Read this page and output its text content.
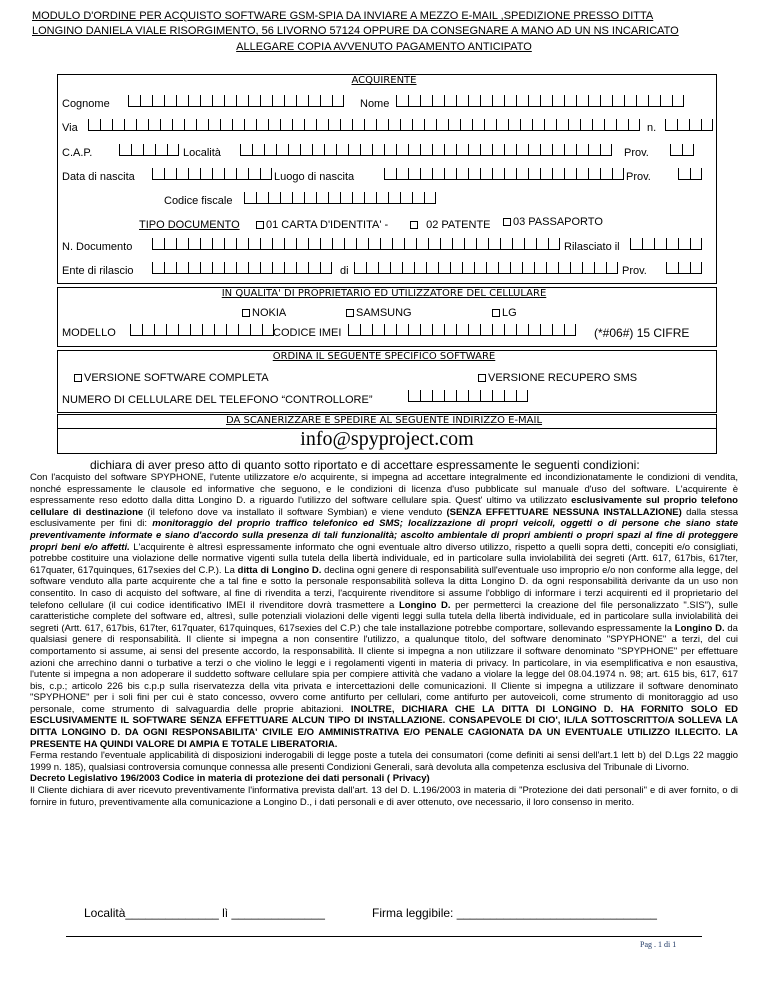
MODULO D'ORDINE PER ACQUISTO SOFTWARE GSM-SPIA DA INVIARE A MEZZO E-MAIL ,SPEDIZIONE PRESSO DITTA
LONGINO DANIELA VIALE RISORGIMENTO, 56 LIVORNO 57124 OPPURE DA CONSEGNARE A MANO AD UN NS INCARICATO
ALLEGARE COPIA AVVENUTO PAGAMENTO ANTICIPATO
ACQUIRENTE
Cognome	Nome
Via	n.
C.A.P.	Località	Prov.
Data di nascita	Luogo di nascita	Prov.
Codice fiscale
TIPO DOCUMENTO	01 CARTA D'IDENTITA' -	02 PATENTE	03 PASSAPORTO
N. Documento	Rilasciato il
Ente di rilascio	di	Prov.
IN QUALITA' DI PROPRIETARIO ED UTILIZZATORE DEL CELLULARE
NOKIA	SAMSUNG	LG
MODELLO	CODICE IMEI	(*#06#) 15 CIFRE
ORDINA IL SEGUENTE SPECIFICO SOFTWARE
VERSIONE SOFTWARE COMPLETA	VERSIONE RECUPERO SMS
NUMERO DI CELLULARE DEL TELEFONO “CONTROLLORE”
DA SCANERIZZARE E SPEDIRE AL SEGUENTE INDIRIZZO E-MAIL
info@spyproject.com
dichiara di aver preso atto di quanto sotto riportato e di accettare espressamente le seguenti condizioni:
Con l'acquisto del software SPYPHONE, l'utente utilizzatore e/o acquirente, si impegna ad accettare integralmente ed incondizionatamente le condizioni di vendita, nonché espressamente le clausole ed informative che seguono, e le condizioni di licenza d'uso pubblicate sul manuale d'uso del software. L'acquirente è espressamente reso edotto dalla ditta Longino D. a riguardo l'utilizzo del software cellulare spia. Quest' ultimo va utilizzato esclusivamente sul proprio telefono cellulare di destinazione (il telefono dove va installato il software Symbian) e viene venduto (SENZA EFFETTUARE NESSUNA INSTALLAZIONE) dalla stessa esclusivamente per fini di: monitoraggio del proprio traffico telefonico ed SMS; localizzazione di propri veicoli, oggetti o di persone che siano state preventivamente informate e siano d'accordo sulla presenza di tali funzionalità; ascolto ambientale di propri ambienti o propri spazi al fine di proteggere propri beni e/o affetti. L'acquirente è altresì espressamente informato che ogni eventuale altro diverso utilizzo, rispetto a quelli sopra detti, concepiti e/o consigliati, potrebbe costituire una violazione delle normative vigenti sulla tutela della libertà individuale, ed in particolare sulla inviolabilità dei segreti (Artt. 617, 617bis, 617ter, 617quater, 617quinques, 617sexies del C.P.). La ditta di Longino D. declina ogni genere di responsabilità sull'eventuale uso improprio e/o non conforme alla legge, del software venduto alla parte acquirente che a tal fine e sotto la personale responsabilità solleva la ditta Longino D. da ogni responsabilità derivante da un uso non consentito. In caso di acquisto del software, al fine di rivendita a terzi, l'acquirente rivenditore si assume l'obbligo di informare i terzi acquirenti ed il proprietario del telefono cellulare (il cui codice identificativo IMEI il rivenditore dovrà trasmettere a Longino D. per permetterci la creazione del file personalizzato ".SIS"), sulle caratteristiche complete del software ed, altresì, sulle potenziali violazioni delle vigenti leggi sulla tutela della libertà individuale, ed in particolare sulla inviolabilità dei segreti (Artt. 617, 617bis, 617ter, 617quater, 617quinques, 617sexies del C.P.) che tale installazione potrebbe comportare, sollevando espressamente la Longino D. da qualsiasi genere di responsabilità. Il cliente si impegna a non consentire l'utilizzo, a qualunque titolo, del software denominato "SPYPHONE" a terzi, del cui comportamento si assume, ai sensi del presente accordo, la responsabilità. Il cliente si impegna a non utilizzare il software denominato "SPYPHONE" per effettuare azioni che arrechino danni o turbative a terzi o che violino le leggi e i regolamenti vigenti in materia di privacy. In particolare, in via esemplificativa e non esaustiva, l'utente si impegna a non adoperare il suddetto software cellulare spia per compiere attività che vadano a violare la legge del 08.04.1974 n. 98; art. 615 bis, 617, 617 bis, c.p.; articolo 226 bis c.p.p sulla riservatezza della vita privata e intercettazioni delle comunicazioni. Il Cliente si impegna a utilizzare il software denominato "SPYPHONE" per i soli fini per cui è stato concesso, ovvero come antifurto per cellulari, come antifurto per autoveicoli, come strumento di monitoraggio ad uso personale, come strumento di salvaguardia delle proprie abitazioni. INOLTRE, DICHIARA CHE LA DITTA DI LONGINO D. HA FORNITO SOLO ED ESCLUSIVAMENTE IL SOFTWARE SENZA EFFETTUARE ALCUN TIPO DI INSTALLAZIONE. CONSAPEVOLE DI CIO', IL/LA SOTTOSCRITTO/A SOLLEVA LA DITTA LONGINO D. DA OGNI RESPONSABILITA' CIVILE E/O AMMINISTRATIVA E/O PENALE CAGIONATA DA UN EVENTUALE UTILIZZO ILLECITO. LA PRESENTE HA QUINDI VALORE DI AMPIA E TOTALE LIBERATORIA.
Ferma restando l'eventuale applicabilità di disposizioni inderogabili di legge poste a tutela dei consumatori (come definiti ai sensi dell'art.1 lett b) del D.Lgs 22 maggio 1999 n. 185), qualsiasi controversia comunque connessa alle presenti Condizioni Generali, sarà devoluta alla competenza esclusiva del Tribunale di Livorno.
Decreto Legislativo 196/2003 Codice in materia di protezione dei dati personali ( Privacy)
Il Cliente dichiara di aver ricevuto preventivamente l'informativa prevista dall'art. 13 del D. L.196/2003 in materia di "Protezione dei dati personali" e di aver fornito, o di fornire in futuro, preventivamente alla comunicazione a Longino D., i dati personali e di aver ottenuto, ove necessario, il loro consenso in merito.
Località______________ lì ______________	Firma leggibile: ______________________________
Pag . 1 di 1
